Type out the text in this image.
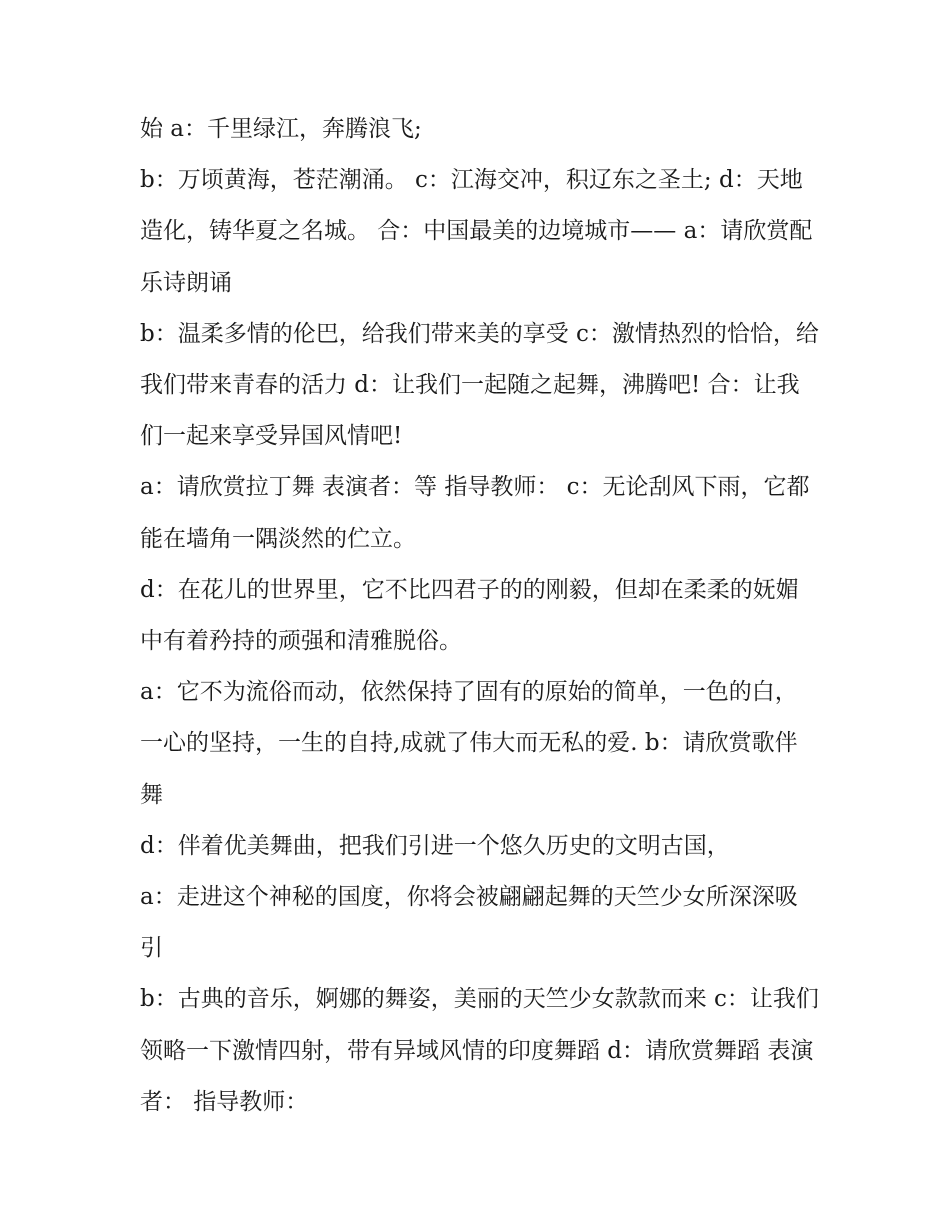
始 a：千里绿江，奔腾浪飞;

b：万顷黄海，苍茫潮涌。 c：江海交冲，积辽东之圣土; d：天地造化，铸华夏之名城。 合：中国最美的边境城市—— a：请欣赏配乐诗朗诵

b：温柔多情的伦巴，给我们带来美的享受 c：激情热烈的恰恰，给我们带来青春的活力 d：让我们一起随之起舞，沸腾吧! 合：让我们一起来享受异国风情吧!

a：请欣赏拉丁舞 表演者：等 指导教师： c：无论刮风下雨，它都能在墙角一隅淡然的伫立。

d：在花儿的世界里，它不比四君子的的刚毅，但却在柔柔的妩媚中有着矜持的顽强和清雅脱俗。

a：它不为流俗而动，依然保持了固有的原始的简单，一色的白，一心的坚持，一生的自持,成就了伟大而无私的爱. b：请欣赏歌伴舞

d：伴着优美舞曲，把我们引进一个悠久历史的文明古国，

a：走进这个神秘的国度，你将会被翩翩起舞的天竺少女所深深吸引

b：古典的音乐，婀娜的舞姿，美丽的天竺少女款款而来 c：让我们领略一下激情四射，带有异域风情的印度舞蹈 d：请欣赏舞蹈 表演者： 指导教师：
